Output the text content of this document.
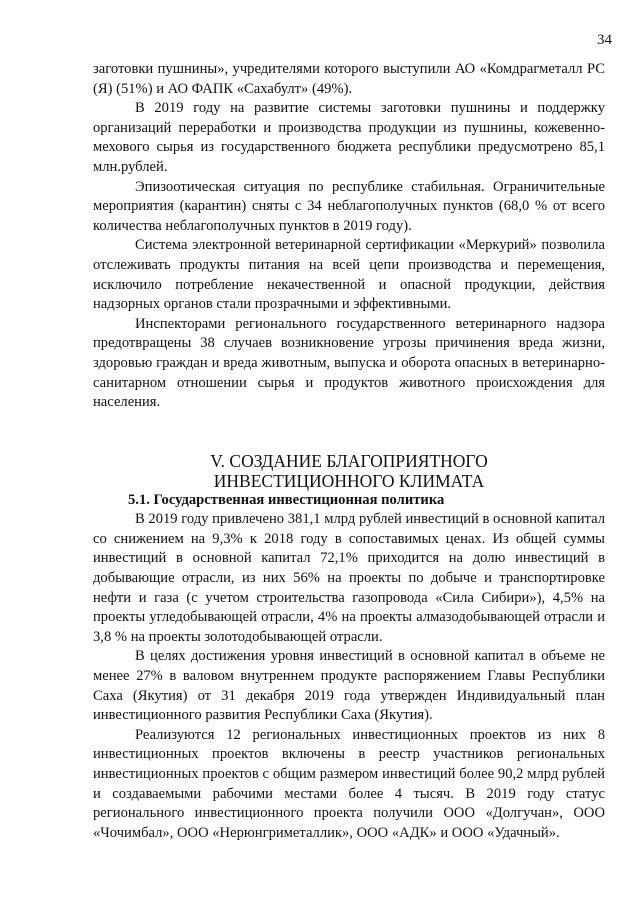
34

заготовки пушнины», учредителями которого выступили АО «Комдрагметалл РС (Я) (51%) и АО ФАПК «Сахабулт» (49%).

В 2019 году на развитие системы заготовки пушнины и поддержку организаций переработки и производства продукции из пушнины, кожевенно-мехового сырья из государственного бюджета республики предусмотрено 85,1 млн.рублей.

Эпизоотическая ситуация по республике стабильная. Ограничительные мероприятия (карантин) сняты с 34 неблагополучных пунктов (68,0 % от всего количества неблагополучных пунктов в 2019 году).

Система электронной ветеринарной сертификации «Меркурий» позволила отслеживать продукты питания на всей цепи производства и перемещения, исключило потребление некачественной и опасной продукции, действия надзорных органов стали прозрачными и эффективными.

Инспекторами регионального государственного ветеринарного надзора предотвращены 38 случаев возникновение угрозы причинения вреда жизни, здоровью граждан и вреда животным, выпуска и оборота опасных в ветеринарно-санитарном отношении сырья и продуктов животного происхождения для населения.

V. СОЗДАНИЕ БЛАГОПРИЯТНОГО
ИНВЕСТИЦИОННОГО КЛИМАТА
5.1. Государственная инвестиционная политика

В 2019 году привлечено 381,1 млрд рублей инвестиций в основной капитал со снижением на 9,3% к 2018 году в сопоставимых ценах. Из общей суммы инвестиций в основной капитал 72,1% приходится на долю инвестиций в добывающие отрасли, из них 56% на проекты по добыче и транспортировке нефти и газа (с учетом строительства газопровода «Сила Сибири»), 4,5% на проекты угледобывающей отрасли, 4% на проекты алмазодобывающей отрасли и 3,8 % на проекты золотодобывающей отрасли.

В целях достижения уровня инвестиций в основной капитал в объеме не менее 27% в валовом внутреннем продукте распоряжением Главы Республики Саха (Якутия) от 31 декабря 2019 года утвержден Индивидуальный план инвестиционного развития Республики Саха (Якутия).

Реализуются 12 региональных инвестиционных проектов из них 8 инвестиционных проектов включены в реестр участников региональных инвестиционных проектов с общим размером инвестиций более 90,2 млрд рублей и создаваемыми рабочими местами более 4 тысяч. В 2019 году статус регионального инвестиционного проекта получили ООО «Долгучан», ООО «Чочимбал», ООО «Нерюнгриметаллик», ООО «АДК» и ООО «Удачный».
